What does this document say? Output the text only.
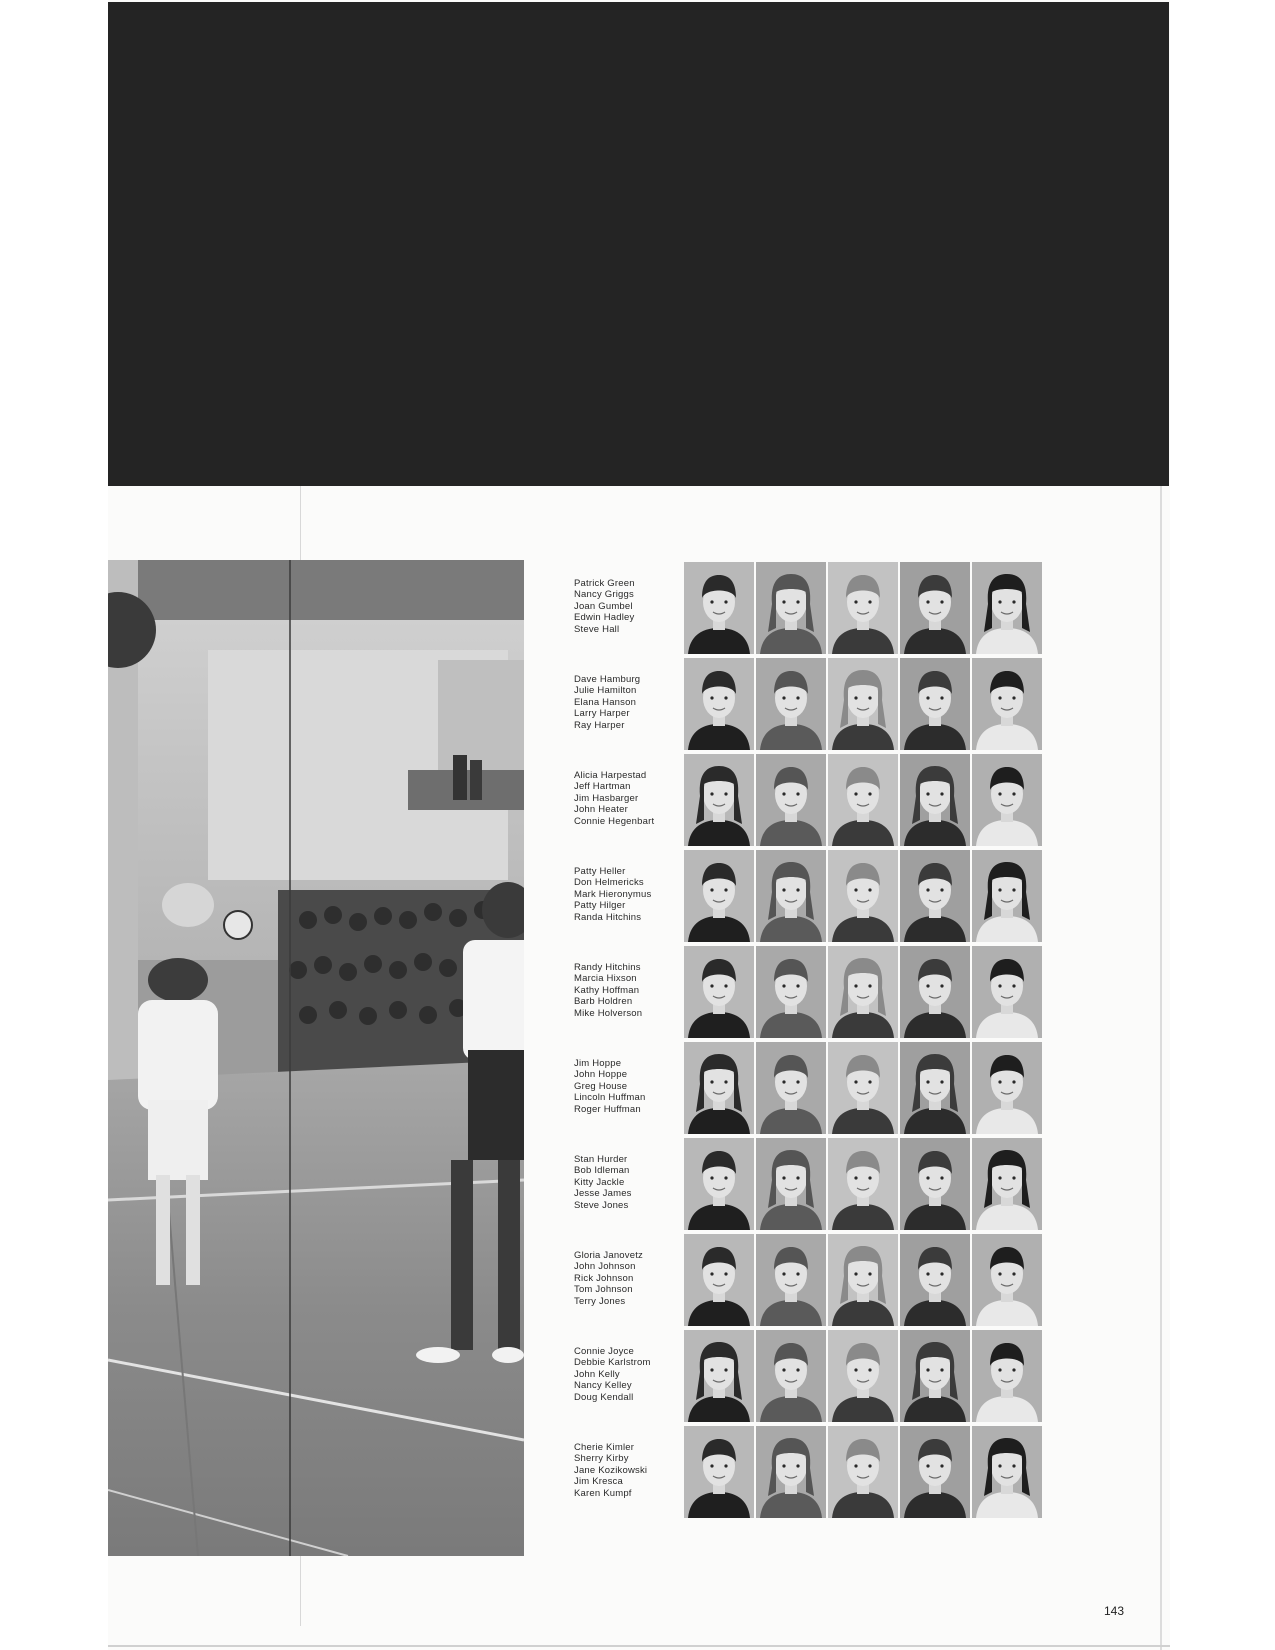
Patrick Green
Nancy Griggs
Joan Gumbel
Edwin Hadley
Steve Hall
Dave Hamburg
Julie Hamilton
Elana Hanson
Larry Harper
Ray Harper
Alicia Harpestad
Jeff Hartman
Jim Hasbarger
John Heater
Connie Hegenbart
Patty Heller
Don Helmericks
Mark Hieronymus
Patty Hilger
Randa Hitchins
Randy Hitchins
Marcia Hixson
Kathy Hoffman
Barb Holdren
Mike Holverson
Jim Hoppe
John Hoppe
Greg House
Lincoln Huffman
Roger Huffman
Stan Hurder
Bob Idleman
Kitty Jackle
Jesse James
Steve Jones
Gloria Janovetz
John Johnson
Rick Johnson
Tom Johnson
Terry Jones
Connie Joyce
Debbie Karlstrom
John Kelly
Nancy Kelley
Doug Kendall
Cherie Kimler
Sherry Kirby
Jane Kozikowski
Jim Kresca
Karen Kumpf
143
